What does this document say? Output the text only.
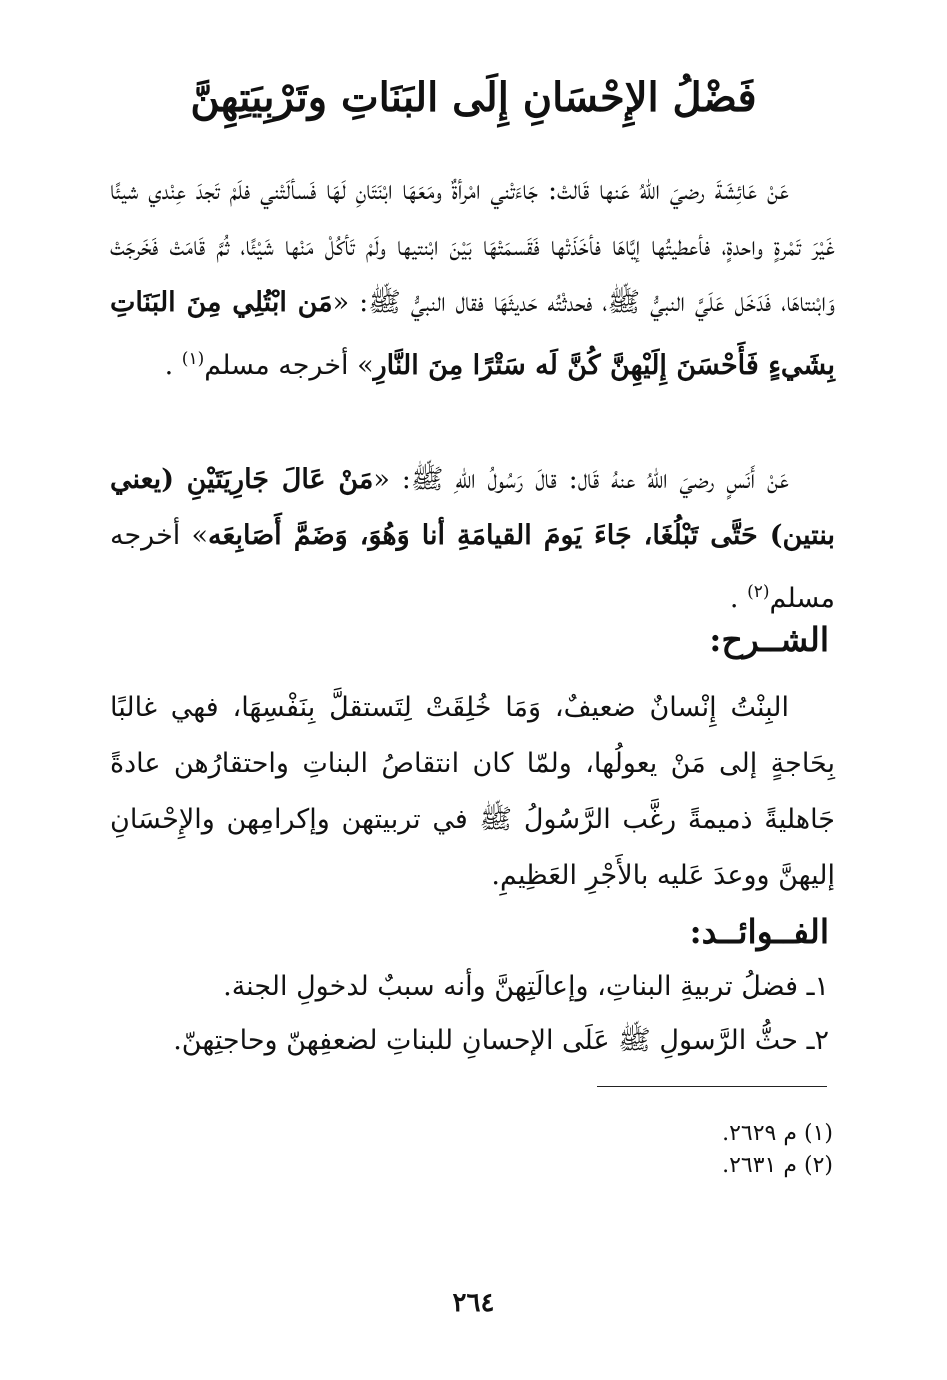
فَضْلُ الإِحْسَانِ إِلَى البَنَاتِ وتَرْبِيَتِهِنَّ
عَنْ عَائِشَةَ رضيَ اللهُ عَنها قَالتْ: جَاءَتْني امْرأةٌ ومَعَهَا ابْنَتَانِ لَهَا فَسألَتْني فلَمْ تَجدَ عِنْدي شيئًا غَيْرَ تَمْرةٍ واحدةٍ، فأعطيتُها إيَّاهَا فأخَذَتْها فَقَسمَتْهَا بَيْنَ ابْنتيها ولَمْ تَأكُلْ مَنْها شَيْئًا، ثُمَّ قَامَتْ فَخَرجَتْ وَابْنتاهَا، فَدَخَل عَلَيَّ النبيُّ ﷺ، فحدثْتُه حَديثَهَا فقال النبيُّ ﷺ: «مَن ابْتُلِي مِنَ البَنَاتِ بِشَيءٍ فَأَحْسَنَ إِلَيْهِنَّ كُنَّ لَه سَتْرًا مِنَ النَّارِ» أخرجه مسلم$^{(١)}$ .
عَنْ أَنَسٍ رضيَ اللهُ عنهُ قَال: قالَ رَسُولُ اللهِ ﷺ: «مَنْ عَالَ جَارِيَتَيْنِ (يعني بنتين) حَتَّى تَبْلُغَا، جَاءَ يَومَ القيامَةِ أنا وَهُوَ، وَضَمَّ أَصَابِعَه» أخرجه مسلم$^{(٢)}$ .
الشــرح:
البِنْتُ إِنْسانٌ ضعيفٌ، وَمَا خُلِقَتْ لِتَستقلَّ بِنَفْسِهَا، فهي غالبًا بِحَاجةٍ إلى مَنْ يعولُها، ولمّا كان انتقاصُ البناتِ واحتقارُهن عادةً جَاهليةً ذميمةً رغَّب الرَّسُولُ ﷺ في تربيتهن وإكرامِهن والإِحْسَانِ إليهنَّ ووعدَ عَليه بالأَجْرِ العَظِيمِ.
الفــوائــد:
١ـ فضلُ تربيةِ البناتِ، وإعالَتِهنَّ وأنه سببٌ لدخولِ الجنة.
٢ـ حثُّ الرَّسولِ ﷺ عَلَى الإحسانِ للبناتِ لضعفِهنّ وحاجتِهنّ.
(١) م ٢٦٢٩.
(٢) م ٢٦٣١.
٢٦٤
